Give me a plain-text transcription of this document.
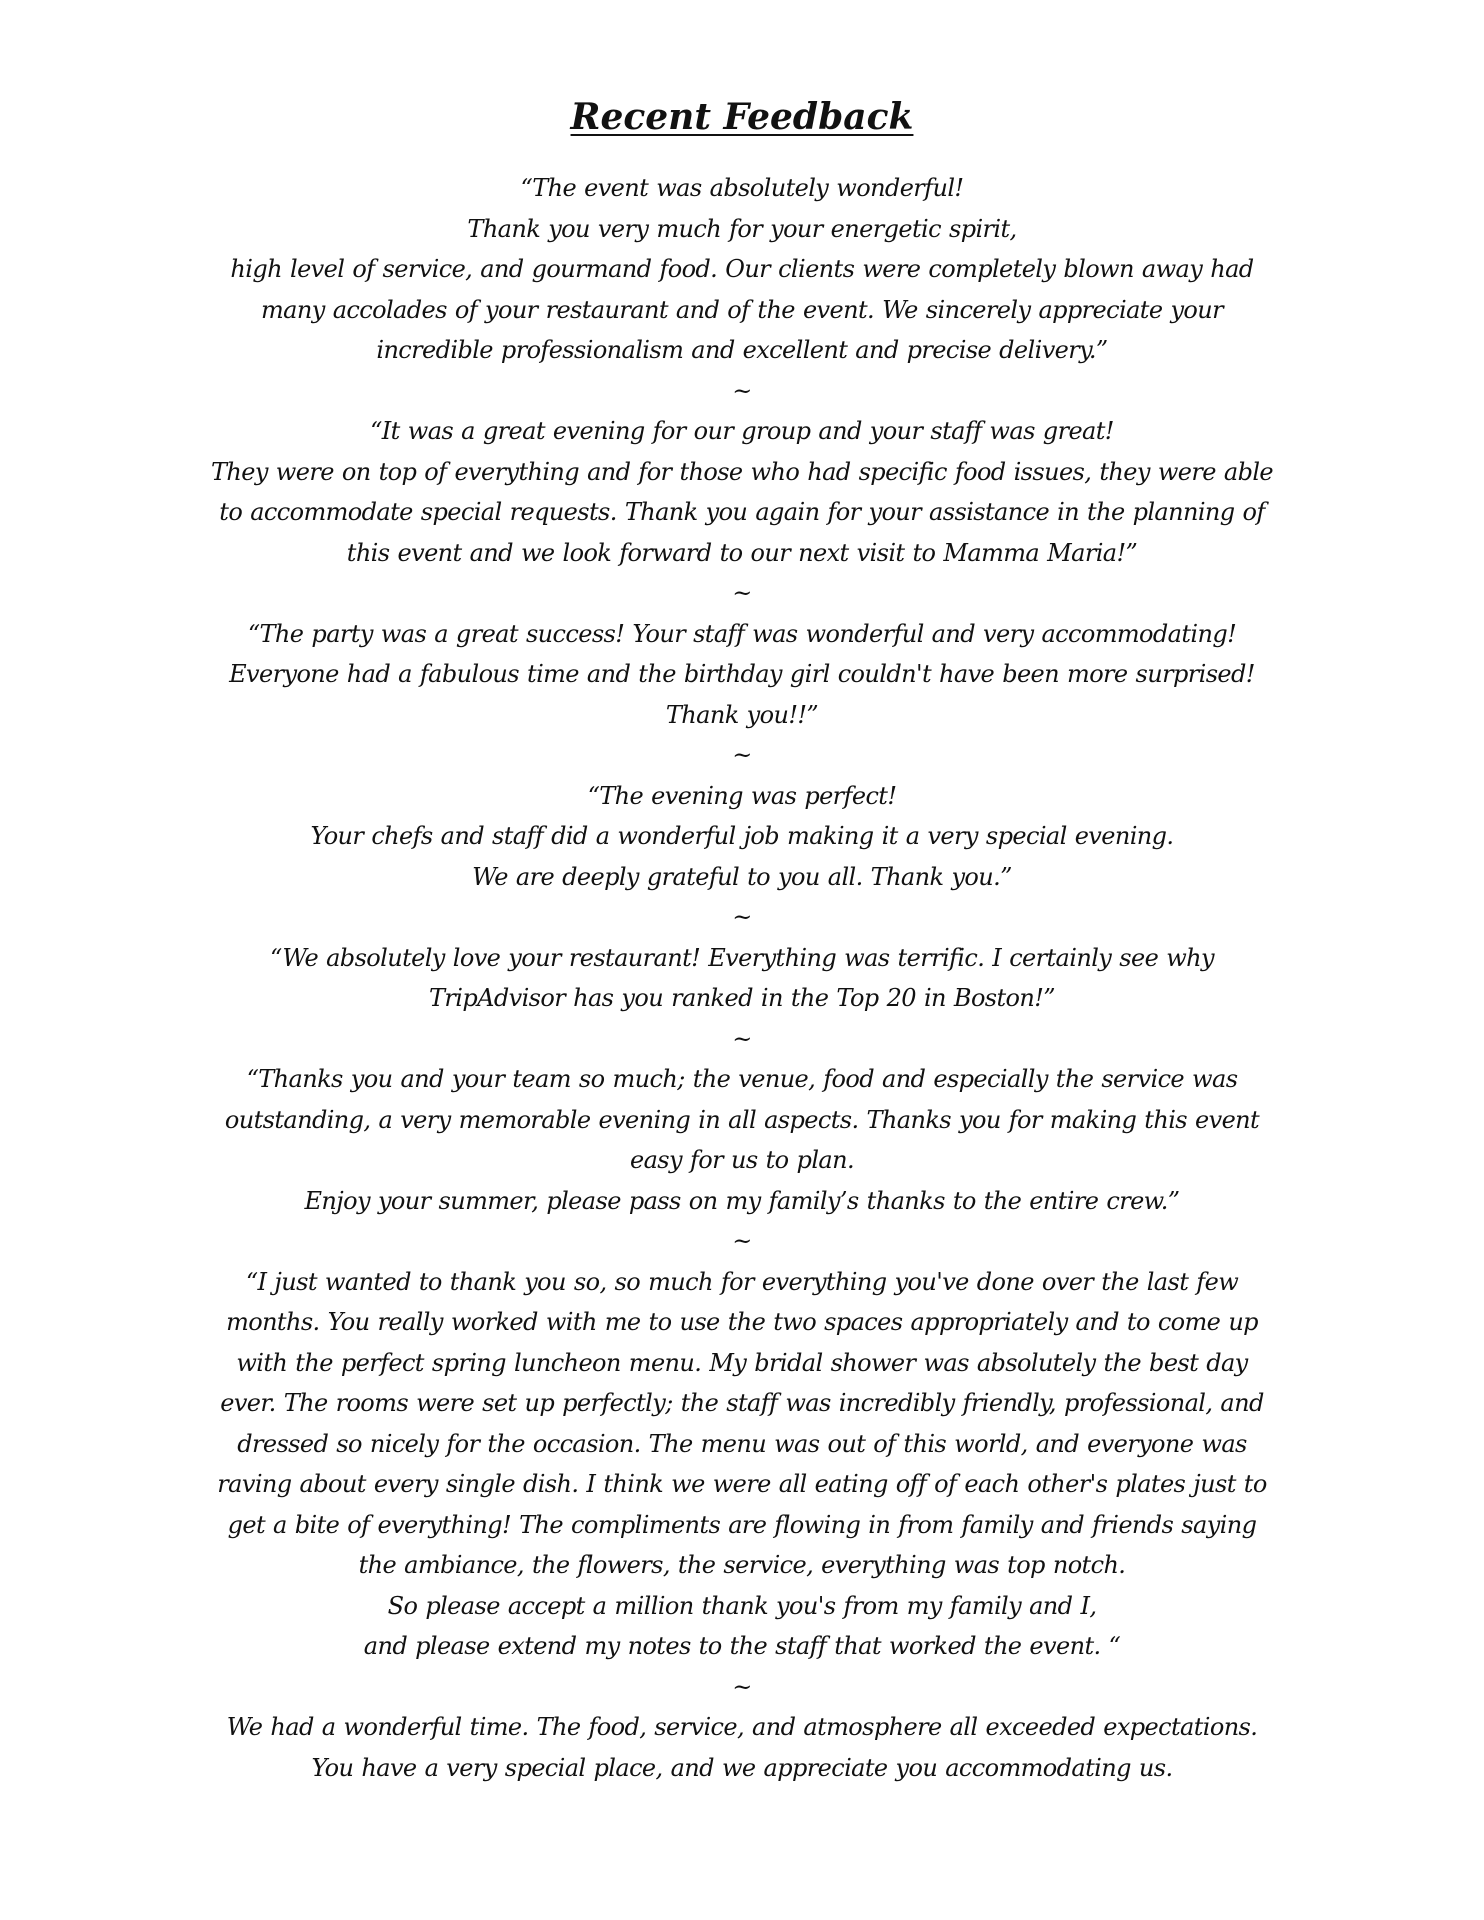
Recent Feedback
“The event was absolutely wonderful!
Thank you very much for your energetic spirit,
high level of service, and gourmand food. Our clients were completely blown away had
many accolades of your restaurant and of the event. We sincerely appreciate your
incredible professionalism and excellent and precise delivery.”
~
“It was a great evening for our group and your staff was great!
They were on top of everything and for those who had specific food issues, they were able
to accommodate special requests. Thank you again for your assistance in the planning of
this event and we look forward to our next visit to Mamma Maria!”
~
“The party was a great success! Your staff was wonderful and very accommodating!
Everyone had a fabulous time and the birthday girl couldn't have been more surprised!
Thank you!!”
~
“The evening was perfect!
Your chefs and staff did a wonderful job making it a very special evening.
We are deeply grateful to you all. Thank you.”
~
“We absolutely love your restaurant! Everything was terrific. I certainly see why
TripAdvisor has you ranked in the Top 20 in Boston!”
~
“Thanks you and your team so much; the venue, food and especially the service was
outstanding, a very memorable evening in all aspects. Thanks you for making this event
easy for us to plan.
Enjoy your summer, please pass on my family’s thanks to the entire crew.”
~
“I just wanted to thank you so, so much for everything you've done over the last few
months. You really worked with me to use the two spaces appropriately and to come up
with the perfect spring luncheon menu. My bridal shower was absolutely the best day
ever. The rooms were set up perfectly; the staff was incredibly friendly, professional, and
dressed so nicely for the occasion. The menu was out of this world, and everyone was
raving about every single dish. I think we were all eating off of each other's plates just to
get a bite of everything! The compliments are flowing in from family and friends saying
the ambiance, the flowers, the service, everything was top notch.
So please accept a million thank you's from my family and I,
and please extend my notes to the staff that worked the event. “
~
We had a wonderful time. The food, service, and atmosphere all exceeded expectations.
You have a very special place, and we appreciate you accommodating us.
